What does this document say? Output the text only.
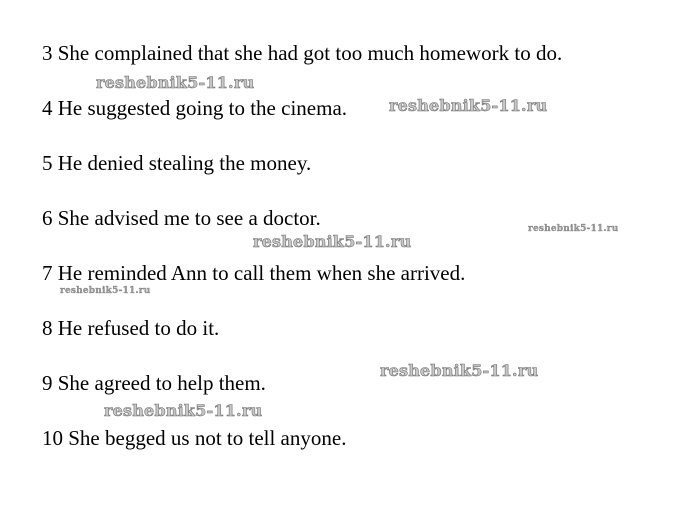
3 She complained that she had got too much homework to do.

4 He suggested going to the cinema.

5 He denied stealing the money.

6 She advised me to see a doctor.

7 He reminded Ann to call them when she arrived.

8 He refused to do it.

9 She agreed to help them.

10 She begged us not to tell anyone.

reshebnik5-11.ru
reshebnik5-11.ru
reshebnik5-11.ru
reshebnik5-11.ru
reshebnik5-11.ru
reshebnik5-11.ru
reshebnik5-11.ru
